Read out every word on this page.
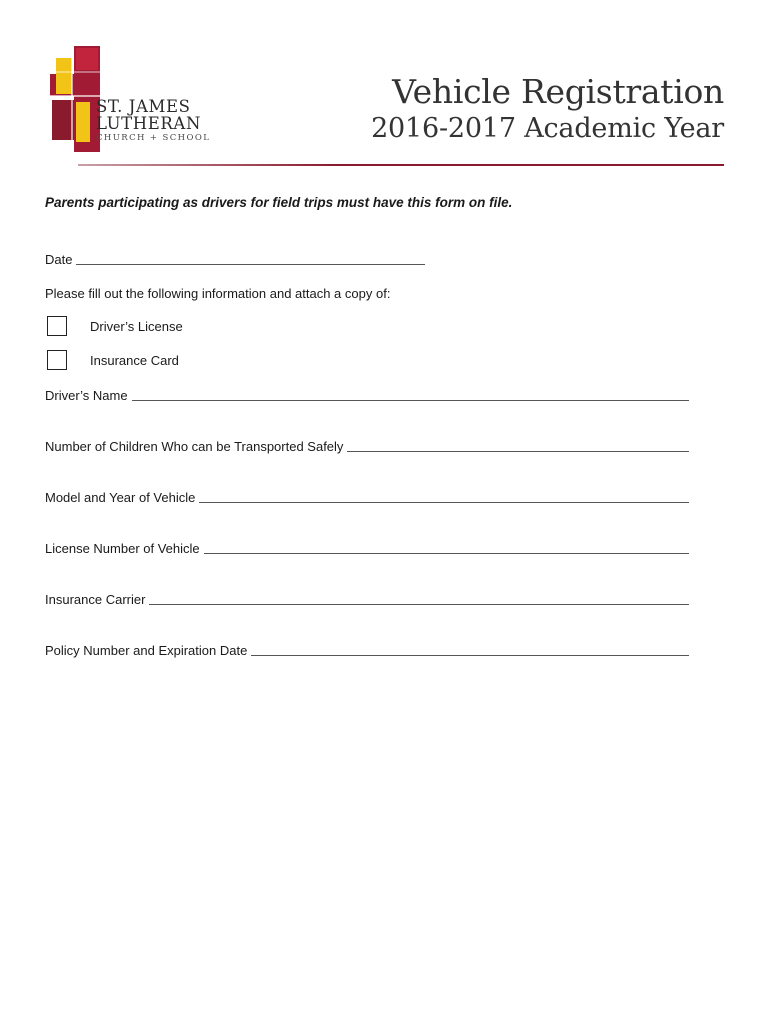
ST. JAMES
LUTHERAN
CHURCH + SCHOOL
Vehicle Registration
2016-2017 Academic Year
Parents participating as drivers for field trips must have this form on file.
Date
Please fill out the following information and attach a copy of:
Driver’s License
Insurance Card
Driver’s Name
Number of Children Who can be Transported Safely
Model and Year of Vehicle
License Number of Vehicle
Insurance Carrier
Policy Number and Expiration Date
